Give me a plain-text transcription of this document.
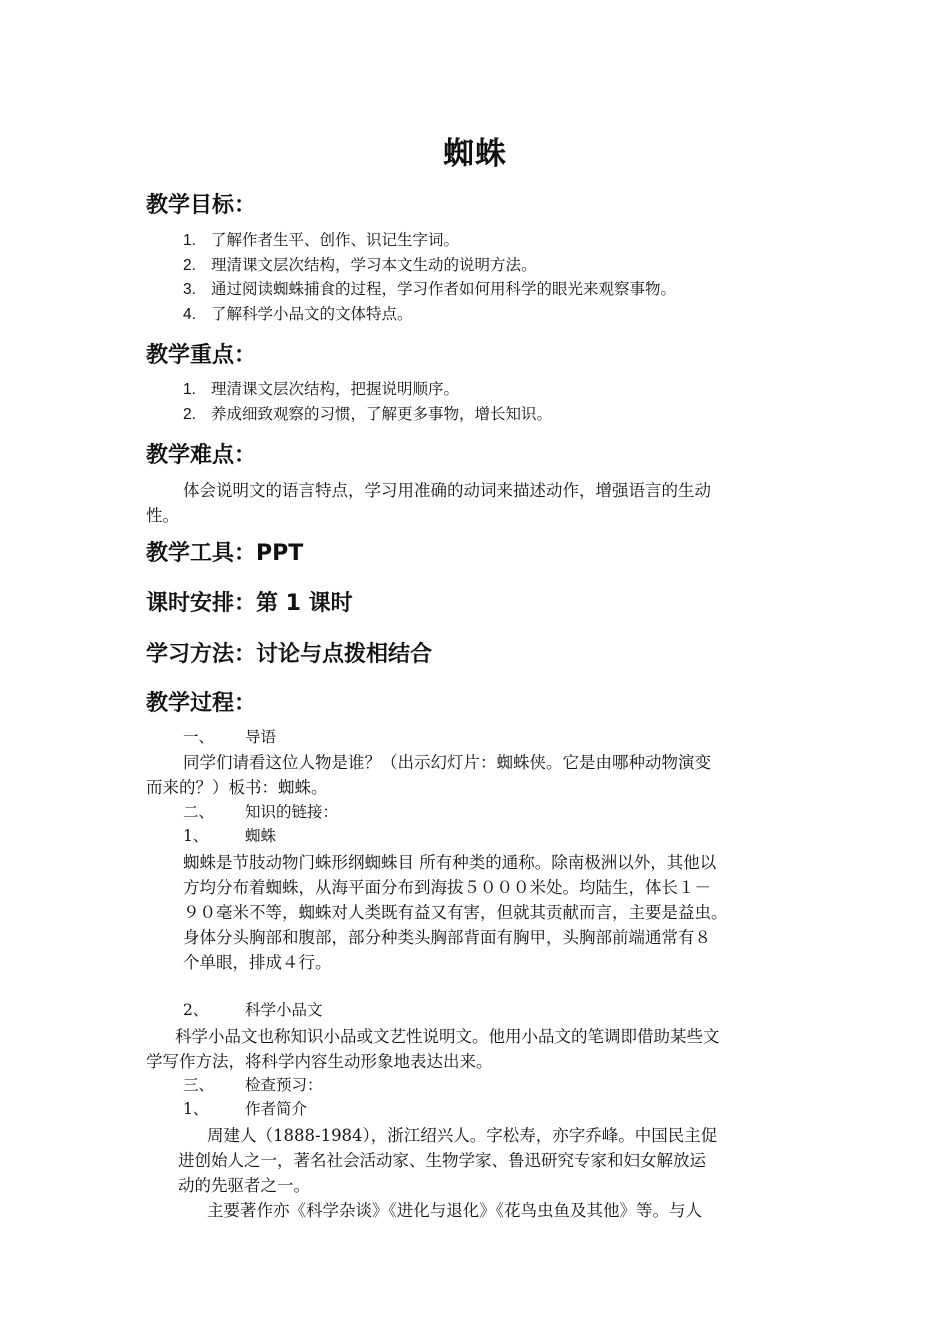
蜘蛛
教学目标：
1. 了解作者生平、创作、识记生字词。
2. 理清课文层次结构，学习本文生动的说明方法。
3. 通过阅读蜘蛛捕食的过程，学习作者如何用科学的眼光来观察事物。
4. 了解科学小品文的文体特点。
教学重点：
1. 理清课文层次结构，把握说明顺序。
2. 养成细致观察的习惯，了解更多事物，增长知识。
教学难点：
体会说明文的语言特点，学习用准确的动词来描述动作，增强语言的生动
性。
教学工具：PPT
课时安排：第 1 课时
学习方法：讨论与点拨相结合
教学过程：
一、 导语
同学们请看这位人物是谁？（出示幻灯片：蜘蛛侠。它是由哪种动物演变
而来的？）板书：蜘蛛。
二、 知识的链接：
1、 蜘蛛
蜘蛛是节肢动物门蛛形纲蜘蛛目 所有种类的通称。除南极洲以外，其他以
方均分布着蜘蛛，从海平面分布到海拔５０００米处。均陆生，体长１－
９０毫米不等，蜘蛛对人类既有益又有害，但就其贡献而言，主要是益虫。
身体分头胸部和腹部，部分种类头胸部背面有胸甲，头胸部前端通常有８
个单眼，排成４行。
2、 科学小品文
科学小品文也称知识小品或文艺性说明文。他用小品文的笔调即借助某些文
学写作方法，将科学内容生动形象地表达出来。
三、 检查预习：
1、 作者简介
周建人（1888-1984），浙江绍兴人。字松寿，亦字乔峰。中国民主促
进创始人之一，著名社会活动家、生物学家、鲁迅研究专家和妇女解放运
动的先驱者之一。
主要著作亦《科学杂谈》《进化与退化》《花鸟虫鱼及其他》等。与人
